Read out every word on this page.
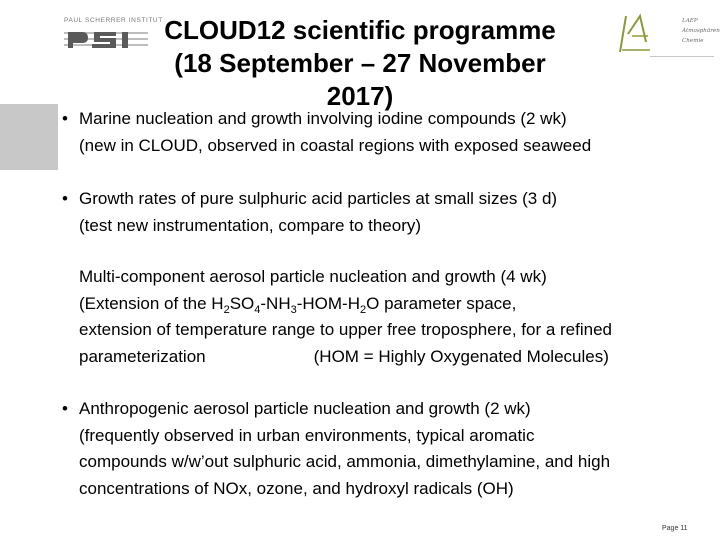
PAUL SCHERRER INSTITUT CLOUD12 scientific programme
(18 September – 27 November 2017)
LAEP
Atmosphären
Chemie
• Marine nucleation and growth involving iodine compounds (2 wk)
(new in CLOUD, observed in coastal regions with exposed seaweed
• Growth rates of pure sulphuric acid particles at small sizes (3 d)
(test new instrumentation, compare to theory)
Multi-component aerosol particle nucleation and growth (4 wk)
(Extension of the $H_2SO_4-NH_3-HOM-H_2O$ parameter space,
extension of temperature range to upper free troposphere, for a refined
parameterization	(HOM = Highly Oxygenated Molecules)
• Anthropogenic aerosol particle nucleation and growth (2 wk)
(frequently observed in urban environments, typical aromatic
compounds w/w’out sulphuric acid, ammonia, dimethylamine, and high
concentrations of NOx, ozone, and hydroxyl radicals (OH)
Page 11
